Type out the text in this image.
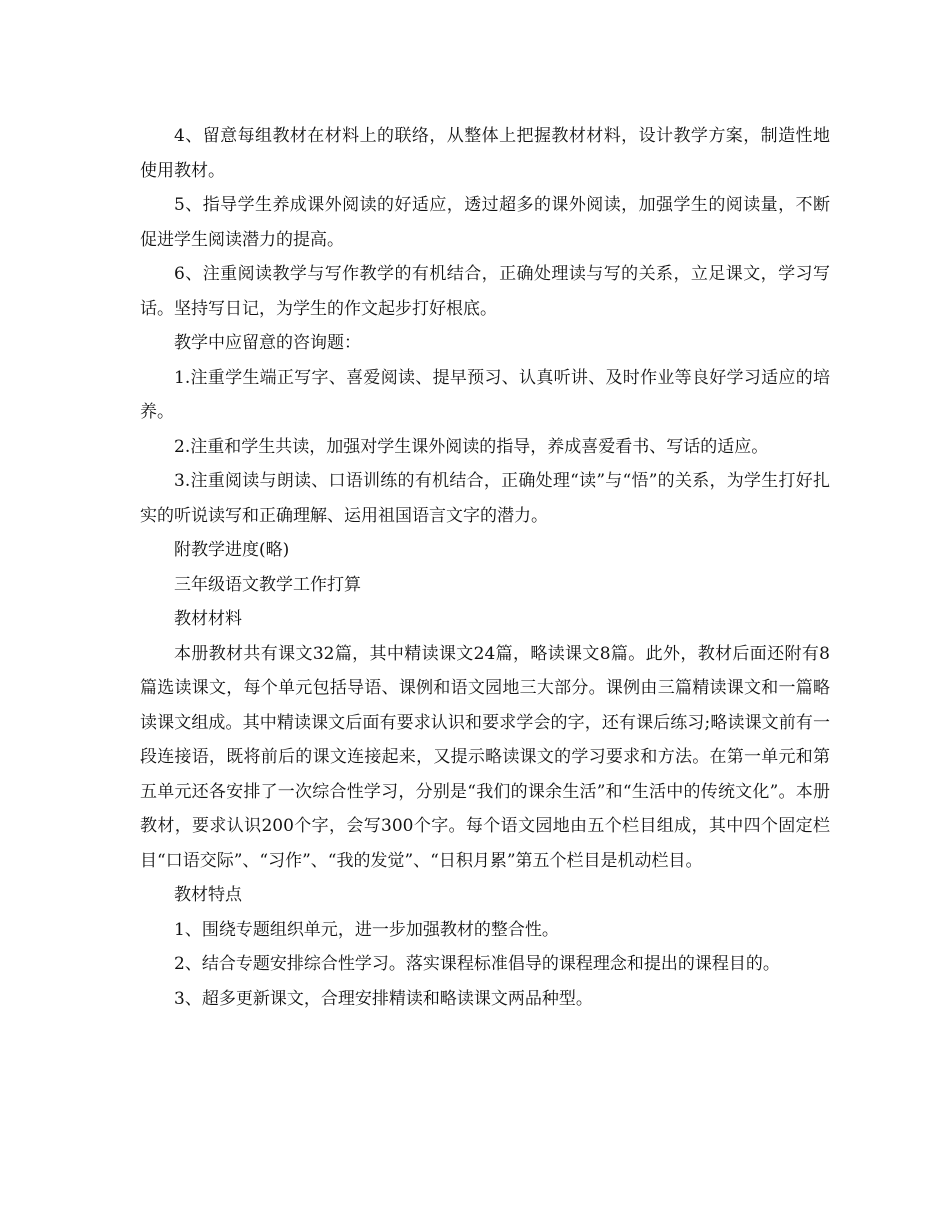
4、留意每组教材在材料上的联络，从整体上把握教材材料，设计教学方案，制造性地使用教材。

5、指导学生养成课外阅读的好适应，透过超多的课外阅读，加强学生的阅读量，不断促进学生阅读潜力的提高。

6、注重阅读教学与写作教学的有机结合，正确处理读与写的关系，立足课文，学习写话。坚持写日记，为学生的作文起步打好根底。

教学中应留意的咨询题：

1.注重学生端正写字、喜爱阅读、提早预习、认真听讲、及时作业等良好学习适应的培养。

2.注重和学生共读，加强对学生课外阅读的指导，养成喜爱看书、写话的适应。

3.注重阅读与朗读、口语训练的有机结合，正确处理“读”与“悟”的关系，为学生打好扎实的听说读写和正确理解、运用祖国语言文字的潜力。

附教学进度(略)

三年级语文教学工作打算

教材材料

本册教材共有课文32篇，其中精读课文24篇，略读课文8篇。此外，教材后面还附有8篇选读课文，每个单元包括导语、课例和语文园地三大部分。课例由三篇精读课文和一篇略读课文组成。其中精读课文后面有要求认识和要求学会的字，还有课后练习;略读课文前有一段连接语，既将前后的课文连接起来，又提示略读课文的学习要求和方法。在第一单元和第五单元还各安排了一次综合性学习，分别是“我们的课余生活”和“生活中的传统文化”。本册教材，要求认识200个字，会写300个字。每个语文园地由五个栏目组成，其中四个固定栏目“口语交际”、“习作”、“我的发觉”、“日积月累”第五个栏目是机动栏目。

教材特点

1、围绕专题组织单元，进一步加强教材的整合性。

2、结合专题安排综合性学习。落实课程标准倡导的课程理念和提出的课程目的。

3、超多更新课文，合理安排精读和略读课文两品种型。
